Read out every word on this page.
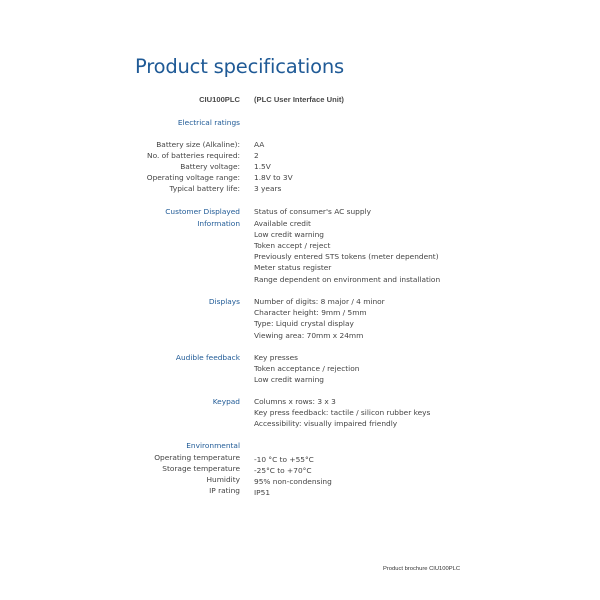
Product specifications
CIU100PLC (PLC User Interface Unit)
Electrical ratings
Battery size (Alkaline): AA
No. of batteries required: 2
Battery voltage: 1.5V
Operating voltage range: 1.8V to 3V
Typical battery life: 3 years
Customer Displayed
Information
Status of consumer's AC supply
Available credit
Low credit warning
Token accept / reject
Previously entered STS tokens (meter dependent)
Meter status register
Range dependent on environment and installation
Displays Number of digits: 8 major / 4 minor
Character height: 9mm / 5mm
Type: Liquid crystal display
Viewing area: 70mm x 24mm
Audible feedback Key presses
Token acceptance / rejection
Low credit warning
Keypad Columns x rows: 3 x 3
Key press feedback: tactile / silicon rubber keys
Accessibility: visually impaired friendly
Environmental
Operating temperature -10 °C to +55°C
Storage temperature -25°C to +70°C
Humidity 95% non-condensing
IP rating IP51
Product brochure CIU100PLC
